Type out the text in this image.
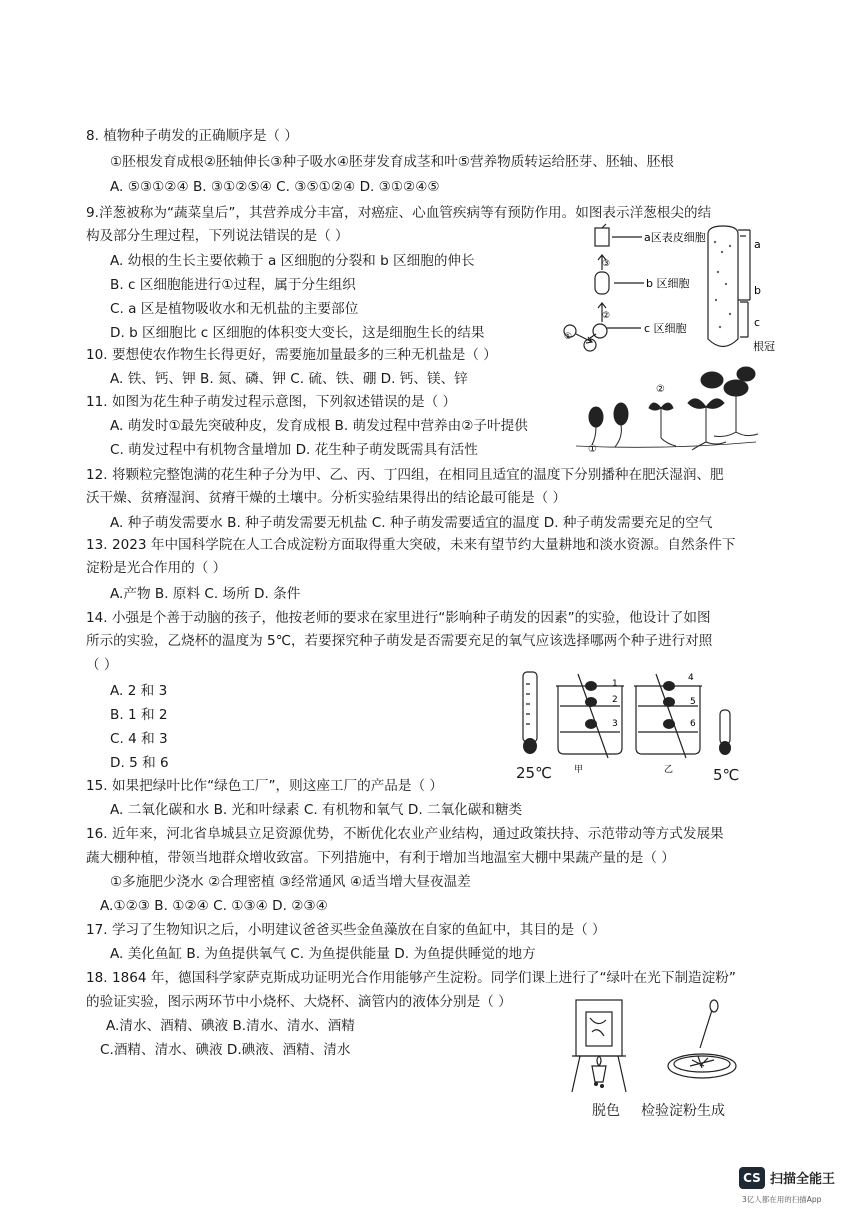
8. 植物种子萌发的正确顺序是（ ）
①胚根发育成根②胚轴伸长③种子吸水④胚芽发育成茎和叶⑤营养物质转运给胚芽、胚轴、胚根
A. ⑤③①②④ B. ③①②⑤④ C. ③⑤①②④ D. ③①②④⑤
9.洋葱被称为“蔬菜皇后”，其营养成分丰富，对癌症、心血管疾病等有预防作用。如图表示洋葱根尖的结
构及部分生理过程，下列说法错误的是（ ）
A. 幼根的生长主要依赖于 a 区细胞的分裂和 b 区细胞的伸长
B. c 区细胞能进行①过程，属于分生组织
C. a 区是植物吸收水和无机盐的主要部位
D. b 区细胞比 c 区细胞的体积变大变长，这是细胞生长的结果
10. 要想使农作物生长得更好，需要施加量最多的三种无机盐是（ ）
A. 铁、钙、钾 B. 氮、磷、钾 C. 硫、铁、硼 D. 钙、镁、锌
11. 如图为花生种子萌发过程示意图，下列叙述错误的是（ ）
A. 萌发时①最先突破种皮，发育成根 B. 萌发过程中营养由②子叶提供
C. 萌发过程中有机物含量增加 D. 花生种子萌发既需具有活性
12. 将颗粒完整饱满的花生种子分为甲、乙、丙、丁四组，在相同且适宜的温度下分别播种在肥沃湿润、肥
沃干燥、贫瘠湿润、贫瘠干燥的土壤中。分析实验结果得出的结论最可能是（ ）
A. 种子萌发需要水 B. 种子萌发需要无机盐 C. 种子萌发需要适宜的温度 D. 种子萌发需要充足的空气
13. 2023 年中国科学院在人工合成淀粉方面取得重大突破，未来有望节约大量耕地和淡水资源。自然条件下
淀粉是光合作用的（ ）
A.产物 B. 原料 C. 场所 D. 条件
14. 小强是个善于动脑的孩子，他按老师的要求在家里进行“影响种子萌发的因素”的实验，他设计了如图
所示的实验，乙烧杯的温度为 5℃，若要探究种子萌发是否需要充足的氧气应该选择哪两个种子进行对照
（ ）
A. 2 和 3
B. 1 和 2
C. 4 和 3
D. 5 和 6
15. 如果把绿叶比作“绿色工厂”，则这座工厂的产品是（ ）
A. 二氧化碳和水 B. 光和叶绿素 C. 有机物和氧气 D. 二氧化碳和糖类
16. 近年来，河北省阜城县立足资源优势，不断优化农业产业结构，通过政策扶持、示范带动等方式发展果
蔬大棚种植，带领当地群众增收致富。下列措施中，有利于增加当地温室大棚中果蔬产量的是（ ）
①多施肥少浇水 ②合理密植 ③经常通风 ④适当增大昼夜温差
A.①②③ B. ①②④ C. ①③④ D. ②③④
17. 学习了生物知识之后，小明建议爸爸买些金鱼藻放在自家的鱼缸中，其目的是（ ）
A. 美化鱼缸 B. 为鱼提供氧气 C. 为鱼提供能量 D. 为鱼提供睡觉的地方
18. 1864 年，德国科学家萨克斯成功证明光合作用能够产生淀粉。同学们课上进行了“绿叶在光下制造淀粉”
的验证实验，图示两环节中小烧杯、大烧杯、滴管内的液体分别是（ ）
A.清水、酒精、碘液 B.清水、清水、酒精
C.酒精、清水、碘液 D.碘液、酒精、清水
a区表皮细胞
b 区细胞
c 区细胞
a
b
c
根冠
①
②
③
①
②
1
2
3
4
5
6
甲	乙
25℃	5℃
脱色 检验淀粉生成
CS 扫描全能王
3亿人都在用的扫描App
